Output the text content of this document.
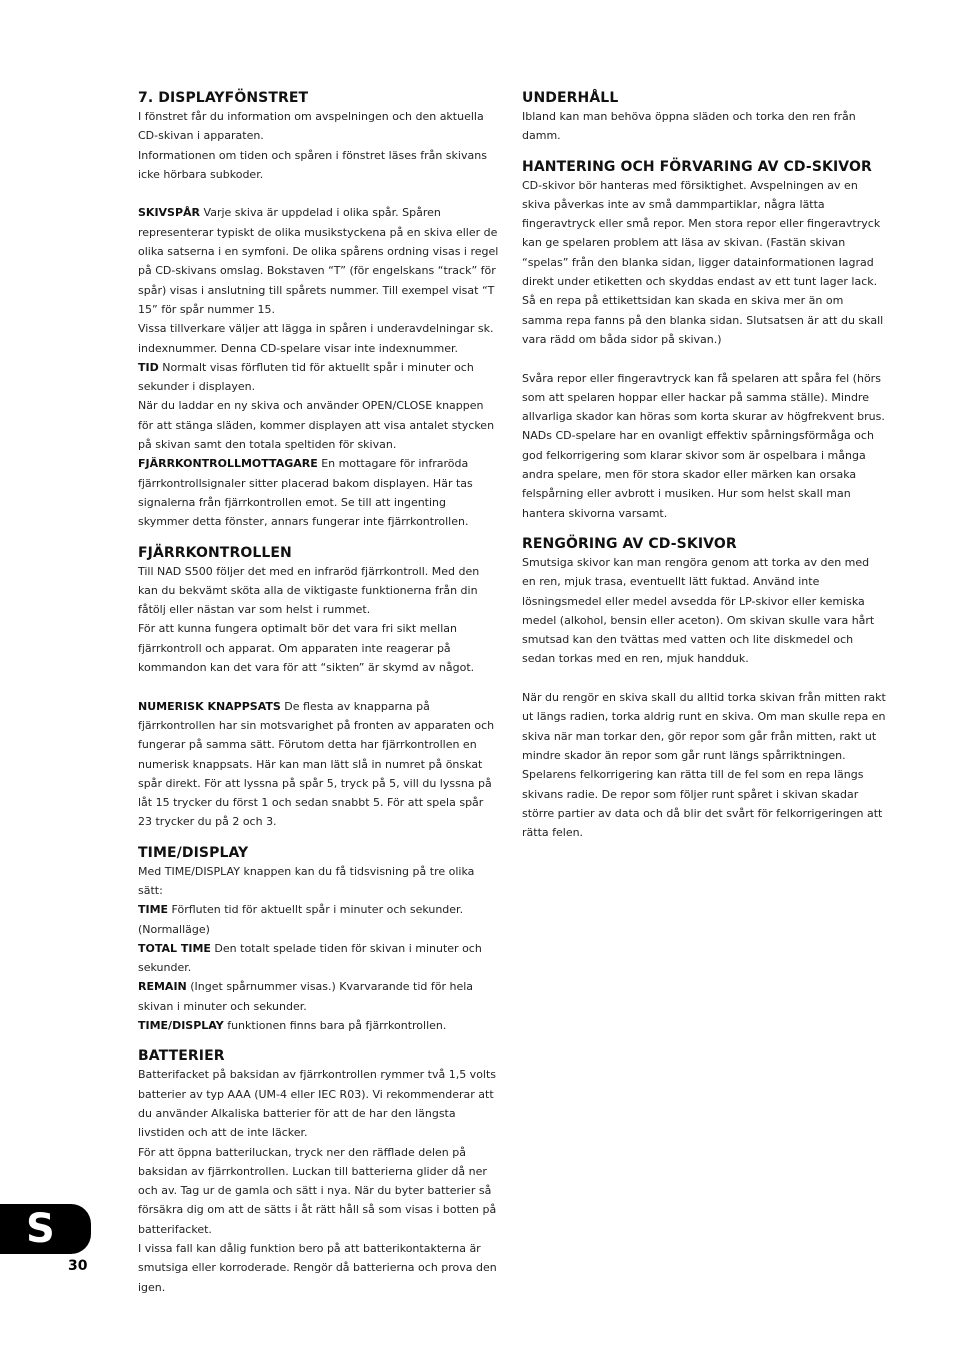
7. DISPLAYFÖNSTRET

I fönstret får du information om avspelningen och den aktuella CD-skivan i apparaten.

Informationen om tiden och spåren i fönstret läses från skivans icke hörbara subkoder.

SKIVSPÅR Varje skiva är uppdelad i olika spår. Spåren representerar typiskt de olika musikstyckena på en skiva eller de olika satserna i en symfoni. De olika spårens ordning visas i regel på CD-skivans omslag. Bokstaven “T” (för engelskans “track” för spår) visas i anslutning till spårets nummer. Till exempel visat “T 15” för spår nummer 15.

Vissa tillverkare väljer att lägga in spåren i underavdelningar sk. indexnummer. Denna CD-spelare visar inte indexnummer.

TID Normalt visas förfluten tid för aktuellt spår i minuter och sekunder i displayen.

När du laddar en ny skiva och använder OPEN/CLOSE knappen för att stänga släden, kommer displayen att visa antalet stycken på skivan samt den totala speltiden för skivan.

FJÄRRKONTROLLMOTTAGARE En mottagare för infraröda fjärrkontrollsignaler sitter placerad bakom displayen. Här tas signalerna från fjärrkontrollen emot. Se till att ingenting skymmer detta fönster, annars fungerar inte fjärrkontrollen.

FJÄRRKONTROLLEN

Till NAD S500 följer det med en infraröd fjärrkontroll. Med den kan du bekvämt sköta alla de viktigaste funktionerna från din fåtölj eller nästan var som helst i rummet.

För att kunna fungera optimalt bör det vara fri sikt mellan fjärrkontroll och apparat. Om apparaten inte reagerar på kommandon kan det vara för att “sikten” är skymd av något.

NUMERISK KNAPPSATS De flesta av knapparna på fjärrkontrollen har sin motsvarighet på fronten av apparaten och fungerar på samma sätt. Förutom detta har fjärrkontrollen en numerisk knappsats. Här kan man lätt slå in numret på önskat spår direkt. För att lyssna på spår 5, tryck på 5, vill du lyssna på låt 15 trycker du först 1 och sedan snabbt 5. För att spela spår 23 trycker du på 2 och 3.

TIME/DISPLAY

Med TIME/DISPLAY knappen kan du få tidsvisning på tre olika sätt:

TIME Förfluten tid för aktuellt spår i minuter och sekunder. (Normalläge)

TOTAL TIME Den totalt spelade tiden för skivan i minuter och sekunder.

REMAIN (Inget spårnummer visas.) Kvarvarande tid för hela skivan i minuter och sekunder.

TIME/DISPLAY funktionen finns bara på fjärrkontrollen.

BATTERIER

Batterifacket på baksidan av fjärrkontrollen rymmer två 1,5 volts batterier av typ AAA (UM-4 eller IEC R03). Vi rekommenderar att du använder Alkaliska batterier för att de har den längsta livstiden och att de inte läcker.

För att öppna batteriluckan, tryck ner den räfflade delen på baksidan av fjärrkontrollen. Luckan till batterierna glider då ner och av. Tag ur de gamla och sätt i nya. När du byter batterier så försäkra dig om att de sätts i åt rätt håll så som visas i botten på batterifacket.

I vissa fall kan dålig funktion bero på att batterikontakterna är smutsiga eller korroderade. Rengör då batterierna och prova den igen.

UNDERHÅLL

Ibland kan man behöva öppna släden och torka den ren från damm.

HANTERING OCH FÖRVARING AV CD-SKIVOR

CD-skivor bör hanteras med försiktighet. Avspelningen av en skiva påverkas inte av små dammpartiklar, några lätta fingeravtryck eller små repor. Men stora repor eller fingeravtryck kan ge spelaren problem att läsa av skivan. (Fastän skivan “spelas” från den blanka sidan, ligger datainformationen lagrad direkt under etiketten och skyddas endast av ett tunt lager lack. Så en repa på ettikettsidan kan skada en skiva mer än om samma repa fanns på den blanka sidan. Slutsatsen är att du skall vara rädd om båda sidor på skivan.)

Svåra repor eller fingeravtryck kan få spelaren att spåra fel (hörs som att spelaren hoppar eller hackar på samma ställe). Mindre allvarliga skador kan höras som korta skurar av högfrekvent brus.

NADs CD-spelare har en ovanligt effektiv spårningsförmåga och god felkorrigering som klarar skivor som är ospelbara i många andra spelare, men för stora skador eller märken kan orsaka felspårning eller avbrott i musiken. Hur som helst skall man hantera skivorna varsamt.

RENGÖRING AV CD-SKIVOR

Smutsiga skivor kan man rengöra genom att torka av den med en ren, mjuk trasa, eventuellt lätt fuktad. Använd inte lösningsmedel eller medel avsedda för LP-skivor eller kemiska medel (alkohol, bensin eller aceton). Om skivan skulle vara hårt smutsad kan den tvättas med vatten och lite diskmedel och sedan torkas med en ren, mjuk handduk.

När du rengör en skiva skall du alltid torka skivan från mitten rakt ut längs radien, torka aldrig runt en skiva. Om man skulle repa en skiva när man torkar den, gör repor som går från mitten, rakt ut mindre skador än repor som går runt längs spårriktningen. Spelarens felkorrigering kan rätta till de fel som en repa längs skivans radie. De repor som följer runt spåret i skivan skadar större partier av data och då blir det svårt för felkorrigeringen att rätta felen.

S
30
